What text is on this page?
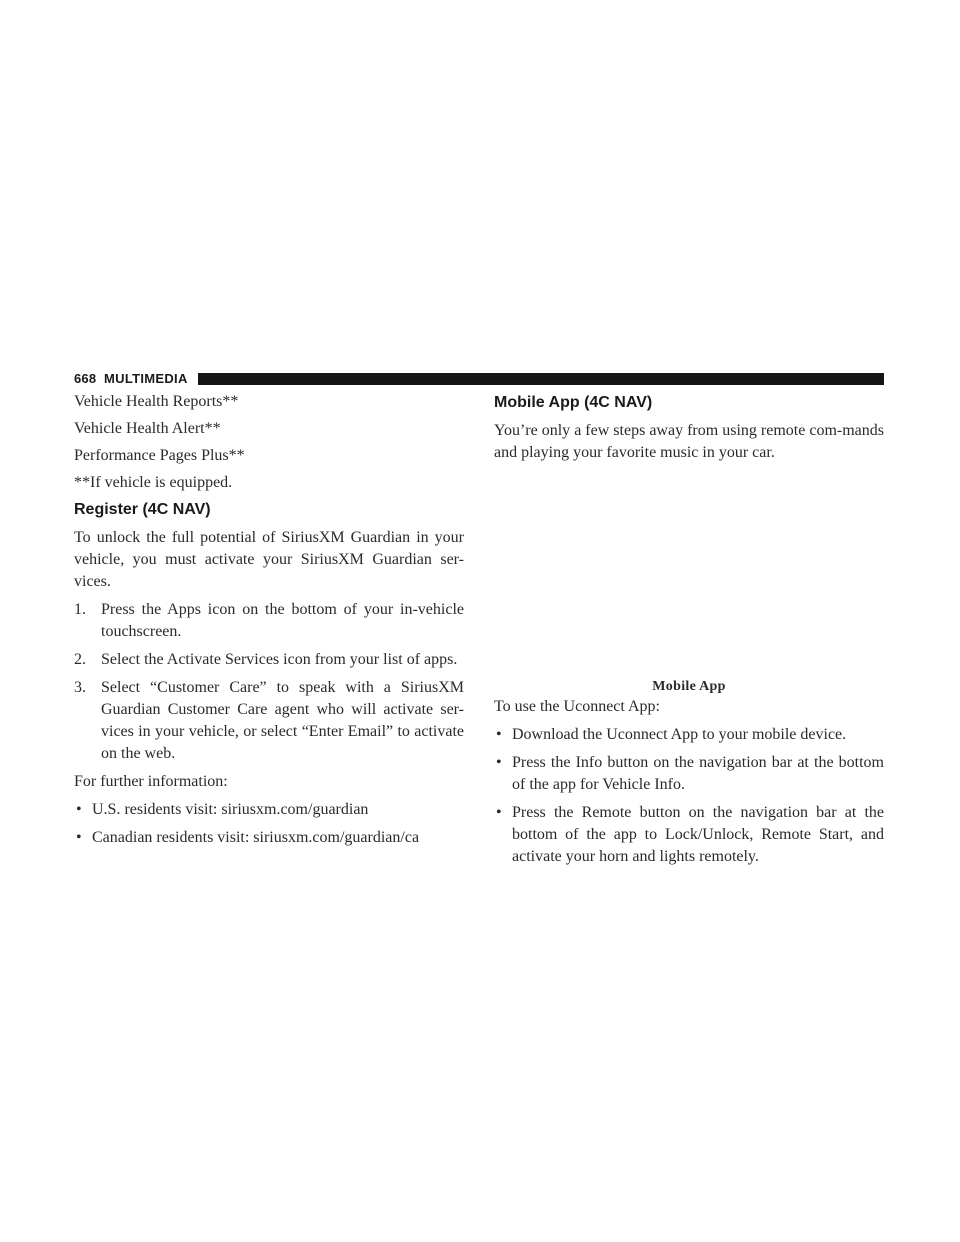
668 MULTIMEDIA

Vehicle Health Reports**

Vehicle Health Alert**

Performance Pages Plus**

**If vehicle is equipped.

Register (4C NAV)

To unlock the full potential of SiriusXM Guardian in your vehicle, you must activate your SiriusXM Guardian ser-vices.

1. Press the Apps icon on the bottom of your in-vehicle touchscreen.
2. Select the Activate Services icon from your list of apps.
3. Select “Customer Care” to speak with a SiriusXM Guardian Customer Care agent who will activate ser-vices in your vehicle, or select “Enter Email” to activate on the web.

For further information:

• U.S. residents visit: siriusxm.com/guardian
• Canadian residents visit: siriusxm.com/guardian/ca
Mobile App (4C NAV)

You’re only a few steps away from using remote com-mands and playing your favorite music in your car.

Mobile App

To use the Uconnect App:

• Download the Uconnect App to your mobile device.
• Press the Info button on the navigation bar at the bottom of the app for Vehicle Info.
• Press the Remote button on the navigation bar at the bottom of the app to Lock/Unlock, Remote Start, and activate your horn and lights remotely.
